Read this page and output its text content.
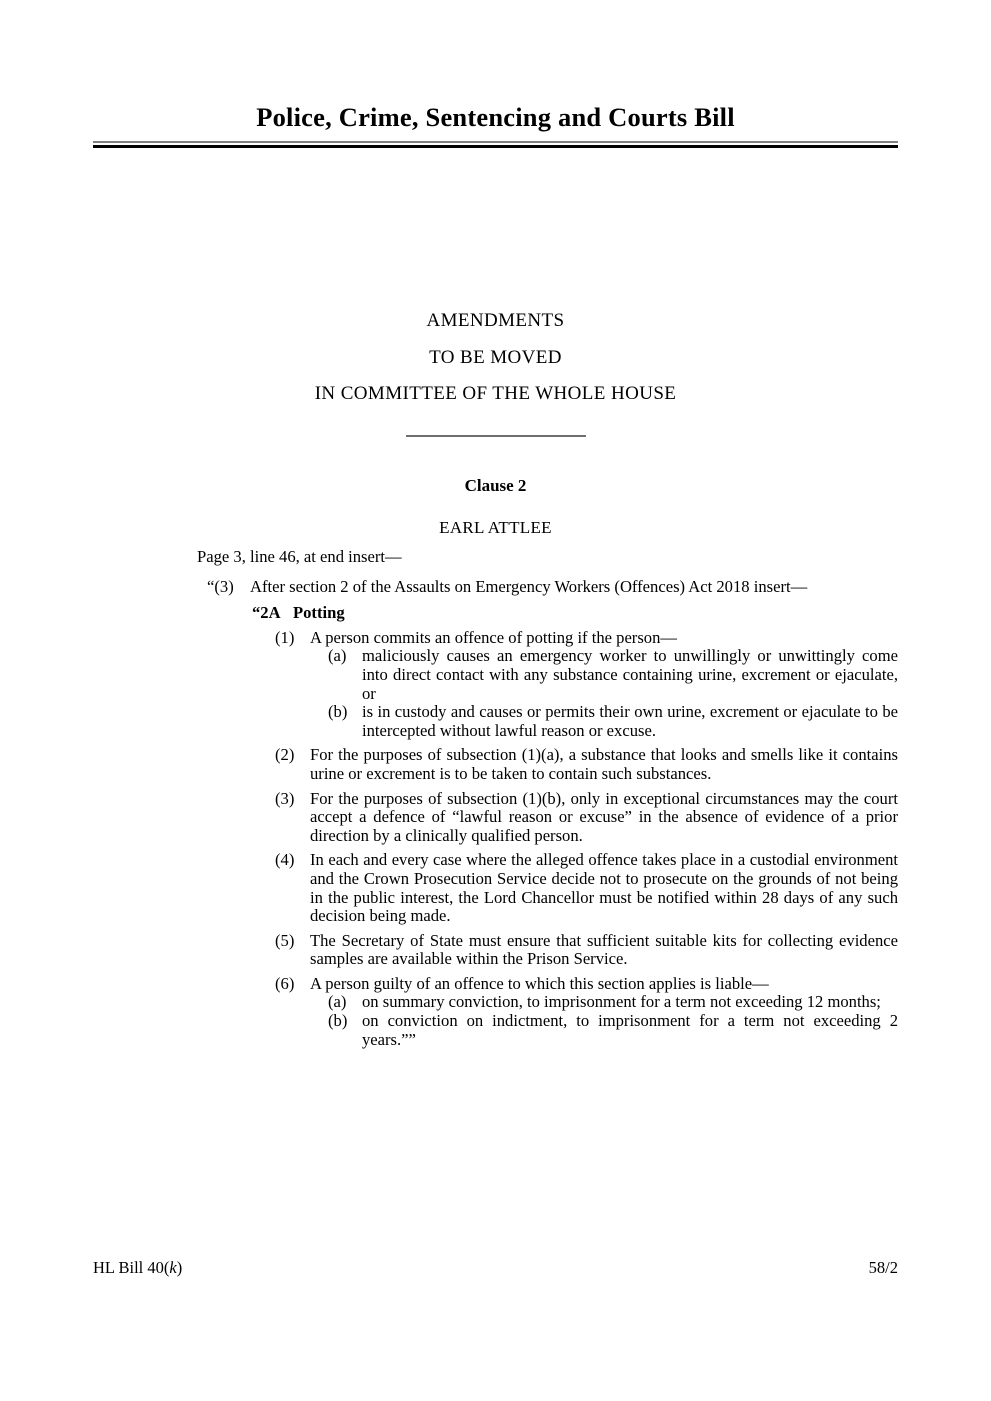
Police, Crime, Sentencing and Courts Bill
AMENDMENTS
TO BE MOVED
IN COMMITTEE OF THE WHOLE HOUSE
Clause 2
EARL ATTLEE
Page 3, line 46, at end insert—
“(3) After section 2 of the Assaults on Emergency Workers (Offences) Act 2018 insert—
“2A Potting
(1) A person commits an offence of potting if the person—
(a) maliciously causes an emergency worker to unwillingly or unwittingly come into direct contact with any substance containing urine, excrement or ejaculate, or
(b) is in custody and causes or permits their own urine, excrement or ejaculate to be intercepted without lawful reason or excuse.
(2) For the purposes of subsection (1)(a), a substance that looks and smells like it contains urine or excrement is to be taken to contain such substances.
(3) For the purposes of subsection (1)(b), only in exceptional circumstances may the court accept a defence of “lawful reason or excuse” in the absence of evidence of a prior direction by a clinically qualified person.
(4) In each and every case where the alleged offence takes place in a custodial environment and the Crown Prosecution Service decide not to prosecute on the grounds of not being in the public interest, the Lord Chancellor must be notified within 28 days of any such decision being made.
(5) The Secretary of State must ensure that sufficient suitable kits for collecting evidence samples are available within the Prison Service.
(6) A person guilty of an offence to which this section applies is liable—
(a) on summary conviction, to imprisonment for a term not exceeding 12 months;
(b) on conviction on indictment, to imprisonment for a term not exceeding 2 years.””
HL Bill 40(k)	58/2
